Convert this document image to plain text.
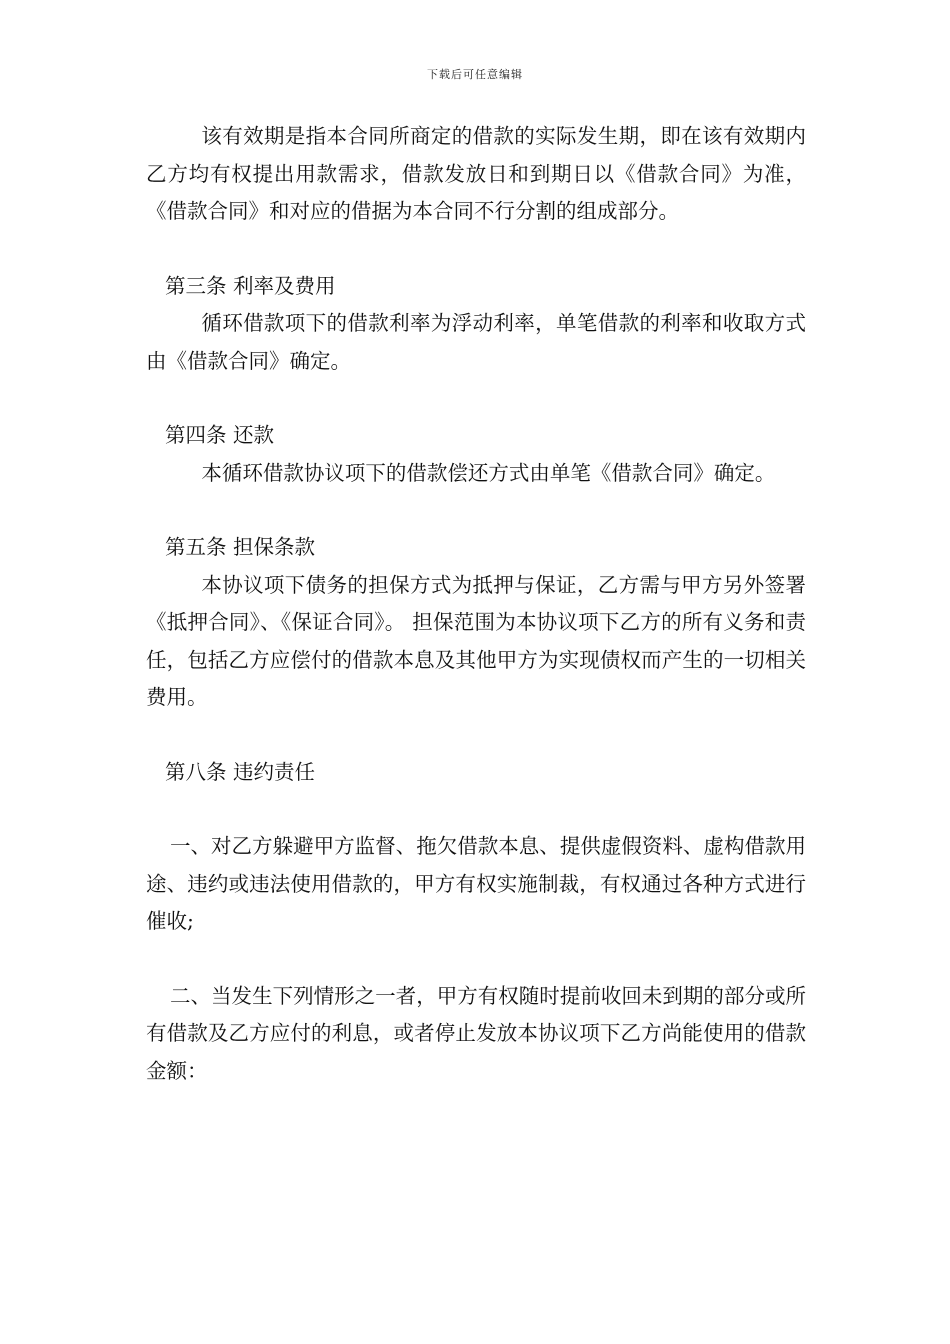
下载后可任意编辑

该有效期是指本合同所商定的借款的实际发生期，即在该有效期内乙方均有权提出用款需求，借款发放日和到期日以《借款合同》为准，《借款合同》和对应的借据为本合同不行分割的组成部分。

第三条 利率及费用

循环借款项下的借款利率为浮动利率，单笔借款的利率和收取方式由《借款合同》确定。

第四条 还款

本循环借款协议项下的借款偿还方式由单笔《借款合同》确定。

第五条 担保条款

本协议项下债务的担保方式为抵押与保证，乙方需与甲方另外签署《抵押合同》、《保证合同》。 担保范围为本协议项下乙方的所有义务和责任，包括乙方应偿付的借款本息及其他甲方为实现债权而产生的一切相关费用。

第八条 违约责任

一、对乙方躲避甲方监督、拖欠借款本息、提供虚假资料、虚构借款用途、违约或违法使用借款的，甲方有权实施制裁，有权通过各种方式进行催收;

二、当发生下列情形之一者，甲方有权随时提前收回未到期的部分或所有借款及乙方应付的利息，或者停止发放本协议项下乙方尚能使用的借款金额：
